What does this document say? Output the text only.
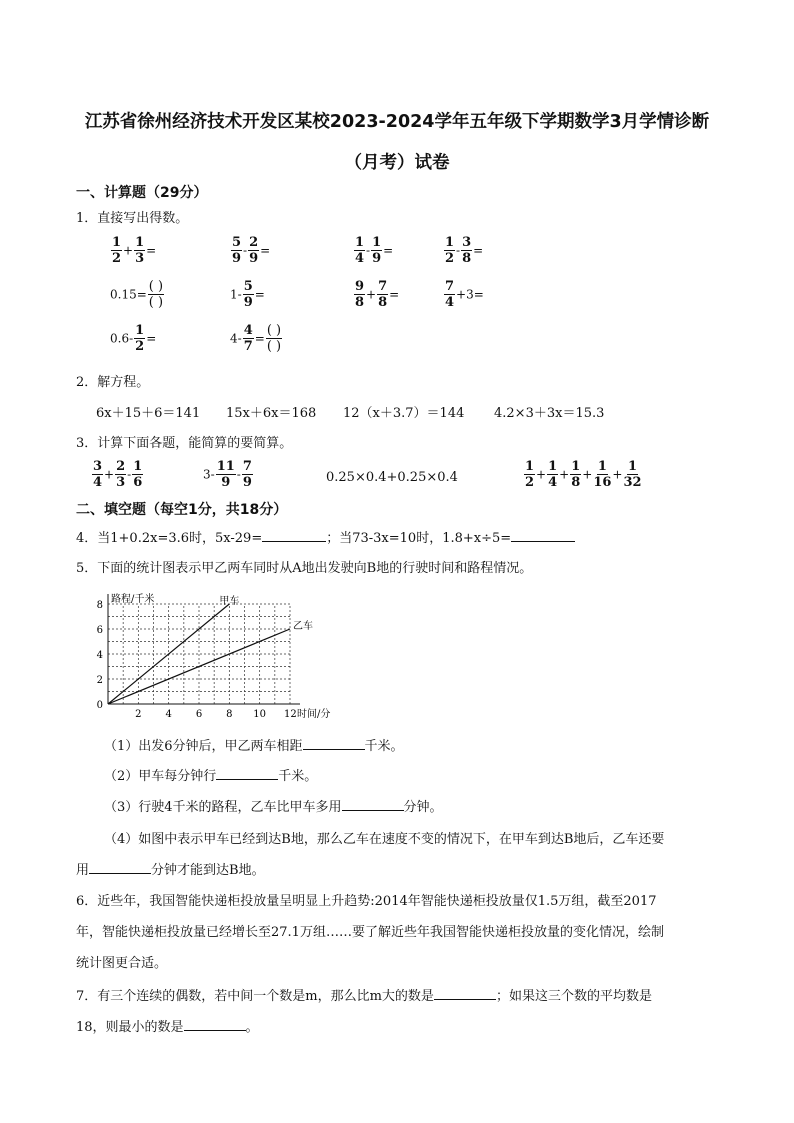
江苏省徐州经济技术开发区某校2023-2024学年五年级下学期数学3月学情诊断
（月考）试卷
一、计算题（29分）
1．直接写出得数。
$\frac{1}{2} + \frac{1}{3}$ =	$\frac{5}{9} - \frac{2}{9}$ =	$\frac{1}{4} - \frac{1}{9}$ =	$\frac{1}{2} - \frac{3}{8}$ =
$0.15= \frac{( )}{( )}$	$1- \frac{5}{9}$ =	$\frac{9}{8} + \frac{7}{8}$ =	$\frac{7}{4} +3=$
$0.6- \frac{1}{2}$ =	$4- \frac{4}{7} = \frac{( )}{( )}$
2．解方程。
6x＋15＋6＝141 15x＋6x＝168 12（x＋3.7）＝144 4.2×3＋3x＝15.3
3．计算下面各题，能简算的要简算。
$\frac{3}{4} + \frac{2}{3} - \frac{1}{6}$	$3- \frac{11}{9} - \frac{7}{9}$	0.25×0.4+0.25×0.4	$\frac{1}{2} + \frac{1}{4} + \frac{1}{8} + \frac{1}{16} + \frac{1}{32}$
二、填空题（每空1分，共18分）
4．当1+0.2x=3.6时，5x-29=	；当73-3x=10时，1.8+x÷5=
5．下面的统计图表示甲乙两车同时从A地出发驶向B地的行驶时间和路程情况。
路程/千米
0
2
4
6
8
2 4 6 8 10 12 时间/分
甲车
乙车
（1）出发6分钟后，甲乙两车相距	千米。
（2）甲车每分钟行	千米。
（3）行驶4千米的路程，乙车比甲车多用	分钟。
（4）如图中表示甲车已经到达B地，那么乙车在速度不变的情况下，在甲车到达B地后，乙车还要
用	分钟才能到达B地。
6．近些年，我国智能快递柜投放量呈明显上升趋势:2014年智能快递柜投放量仅1.5万组，截至2017
年，智能快递柜投放量已经增长至27.1万组……要了解近些年我国智能快递柜投放量的变化情况，绘制
统计图更合适。
7．有三个连续的偶数，若中间一个数是m，那么比m大的数是	；如果这三个数的平均数是
18，则最小的数是	。
